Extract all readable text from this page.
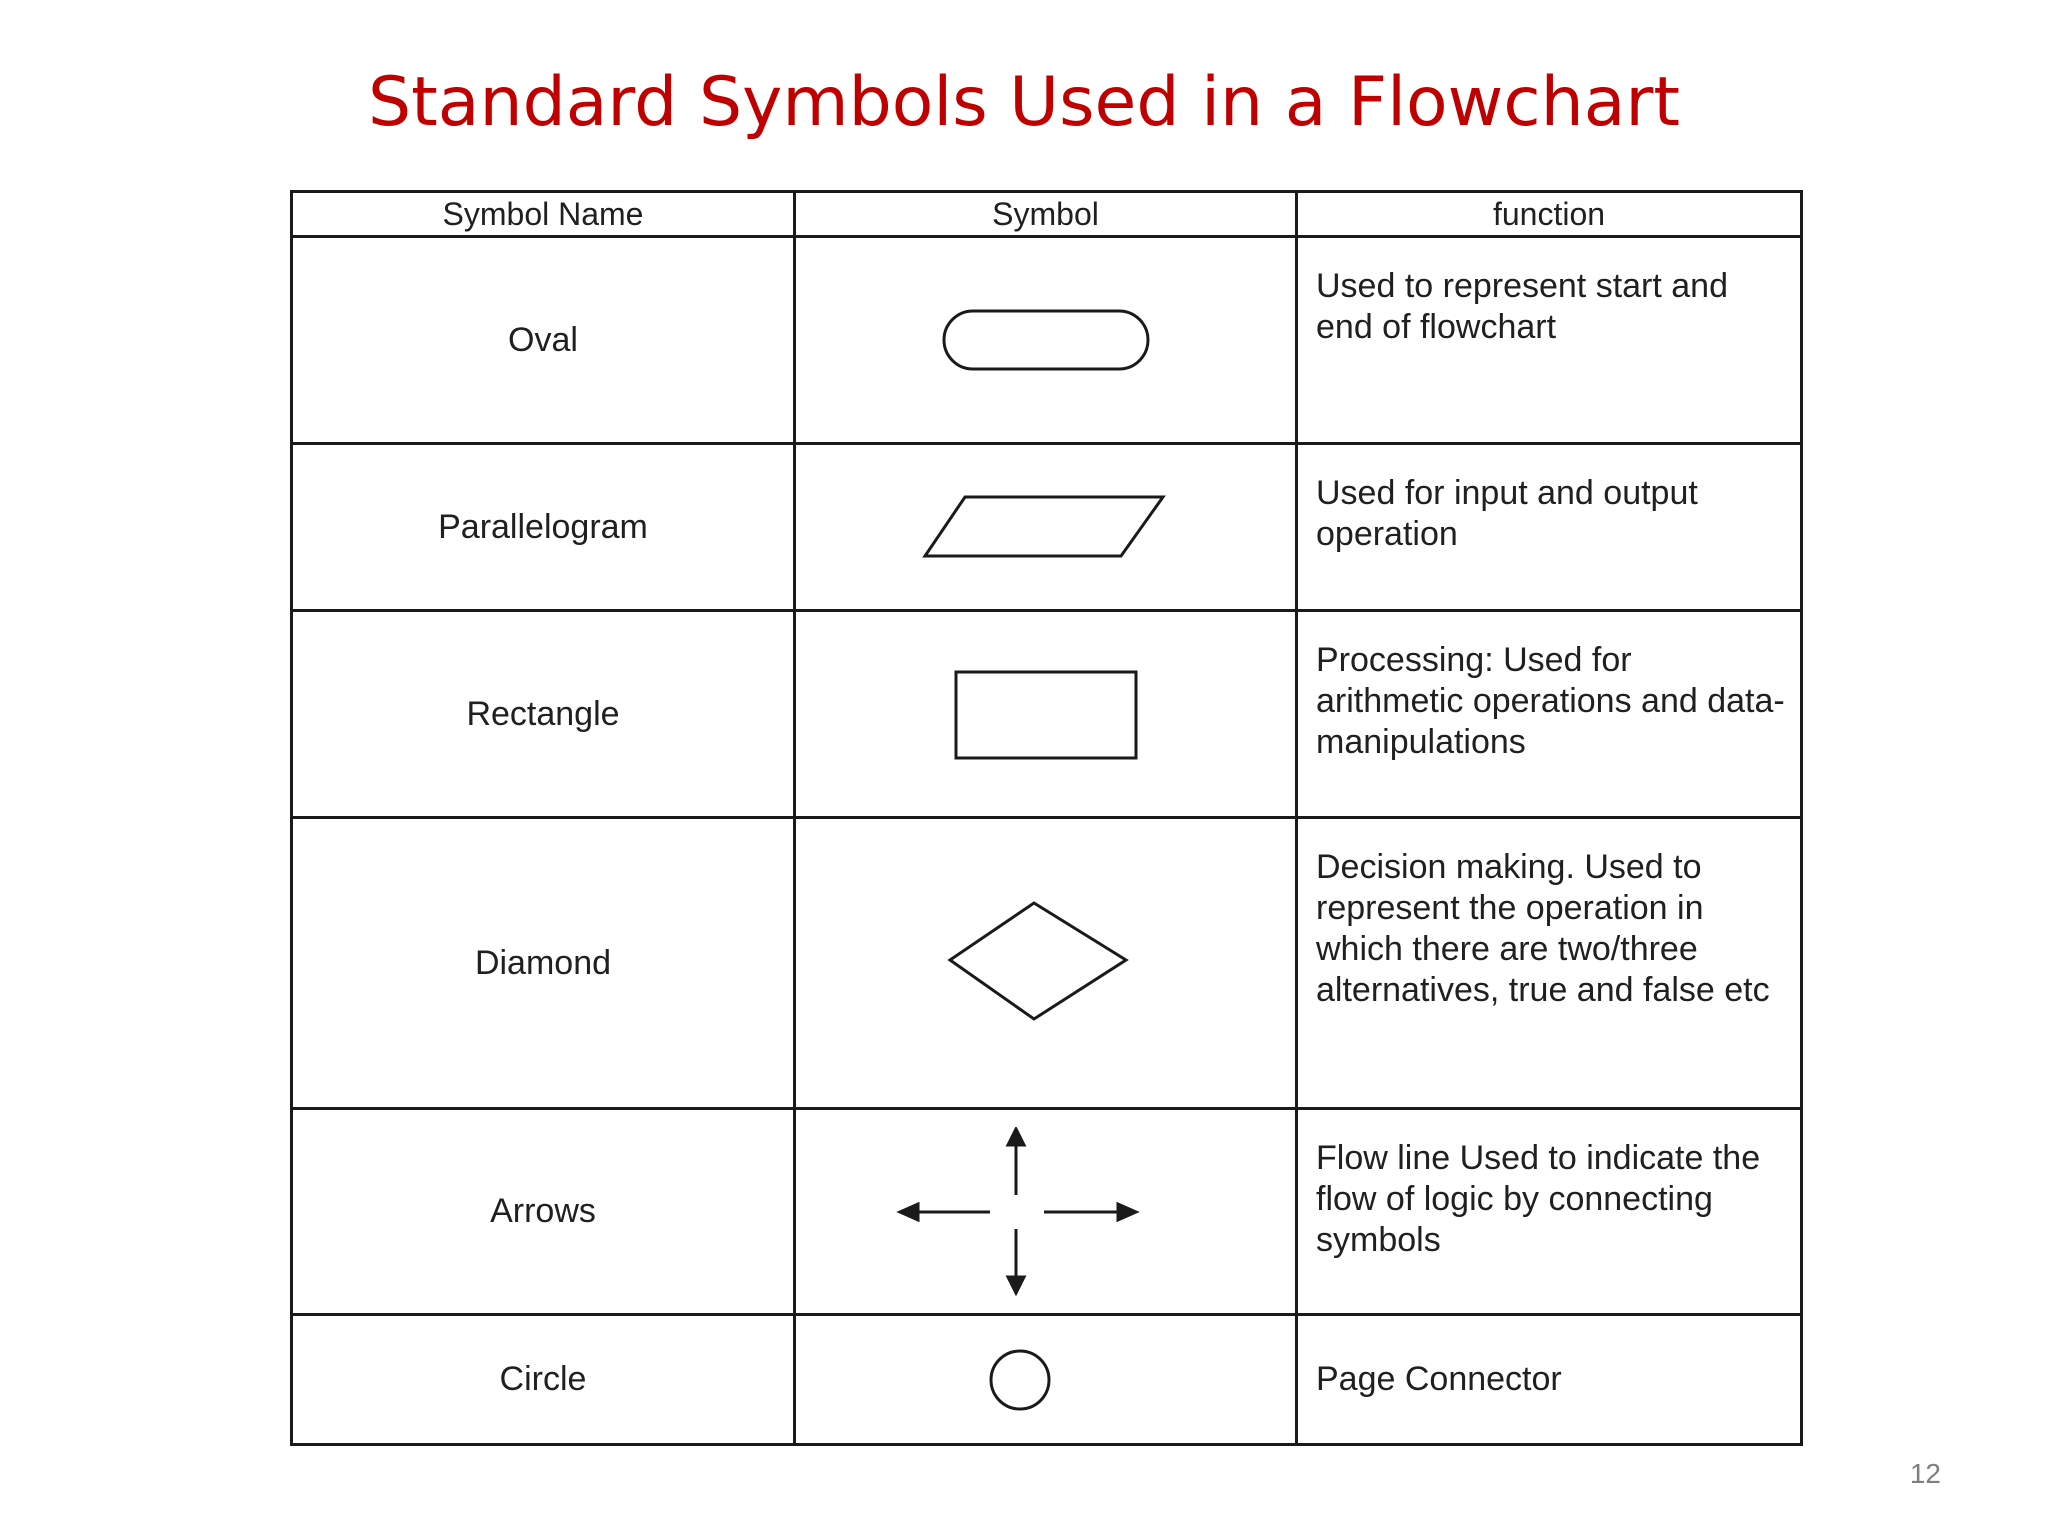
Standard Symbols Used in a Flowchart
Symbol Name	Symbol	function
Oval		Used to represent start and end of flowchart
Parallelogram		Used for input and output operation
Rectangle		Processing: Used for arithmetic operations and data-manipulations
Diamond		Decision making. Used to represent the operation in which there are two/three alternatives, true and false etc
Arrows		Flow line Used to indicate the flow of logic by connecting symbols
Circle		Page Connector
12
